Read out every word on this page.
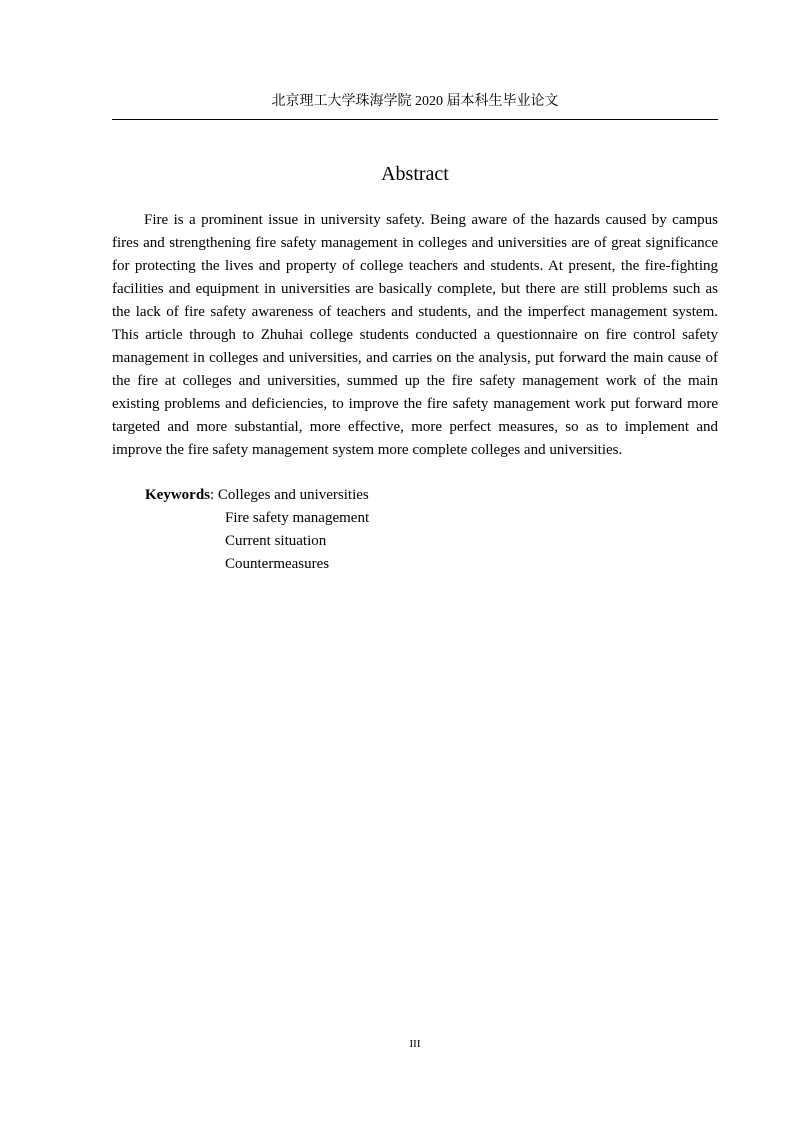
北京理工大学珠海学院 2020 届本科生毕业论文
Abstract

Fire is a prominent issue in university safety. Being aware of the hazards caused by campus fires and strengthening fire safety management in colleges and universities are of great significance for protecting the lives and property of college teachers and students. At present, the fire-fighting facilities and equipment in universities are basically complete, but there are still problems such as the lack of fire safety awareness of teachers and students, and the imperfect management system. This article through to Zhuhai college students conducted a questionnaire on fire control safety management in colleges and universities, and carries on the analysis, put forward the main cause of the fire at colleges and universities, summed up the fire safety management work of the main existing problems and deficiencies, to improve the fire safety management work put forward more targeted and more substantial, more effective, more perfect measures, so as to implement and improve the fire safety management system more complete colleges and universities.

Keywords: Colleges and universities
Fire safety management
Current situation
Countermeasures
III
